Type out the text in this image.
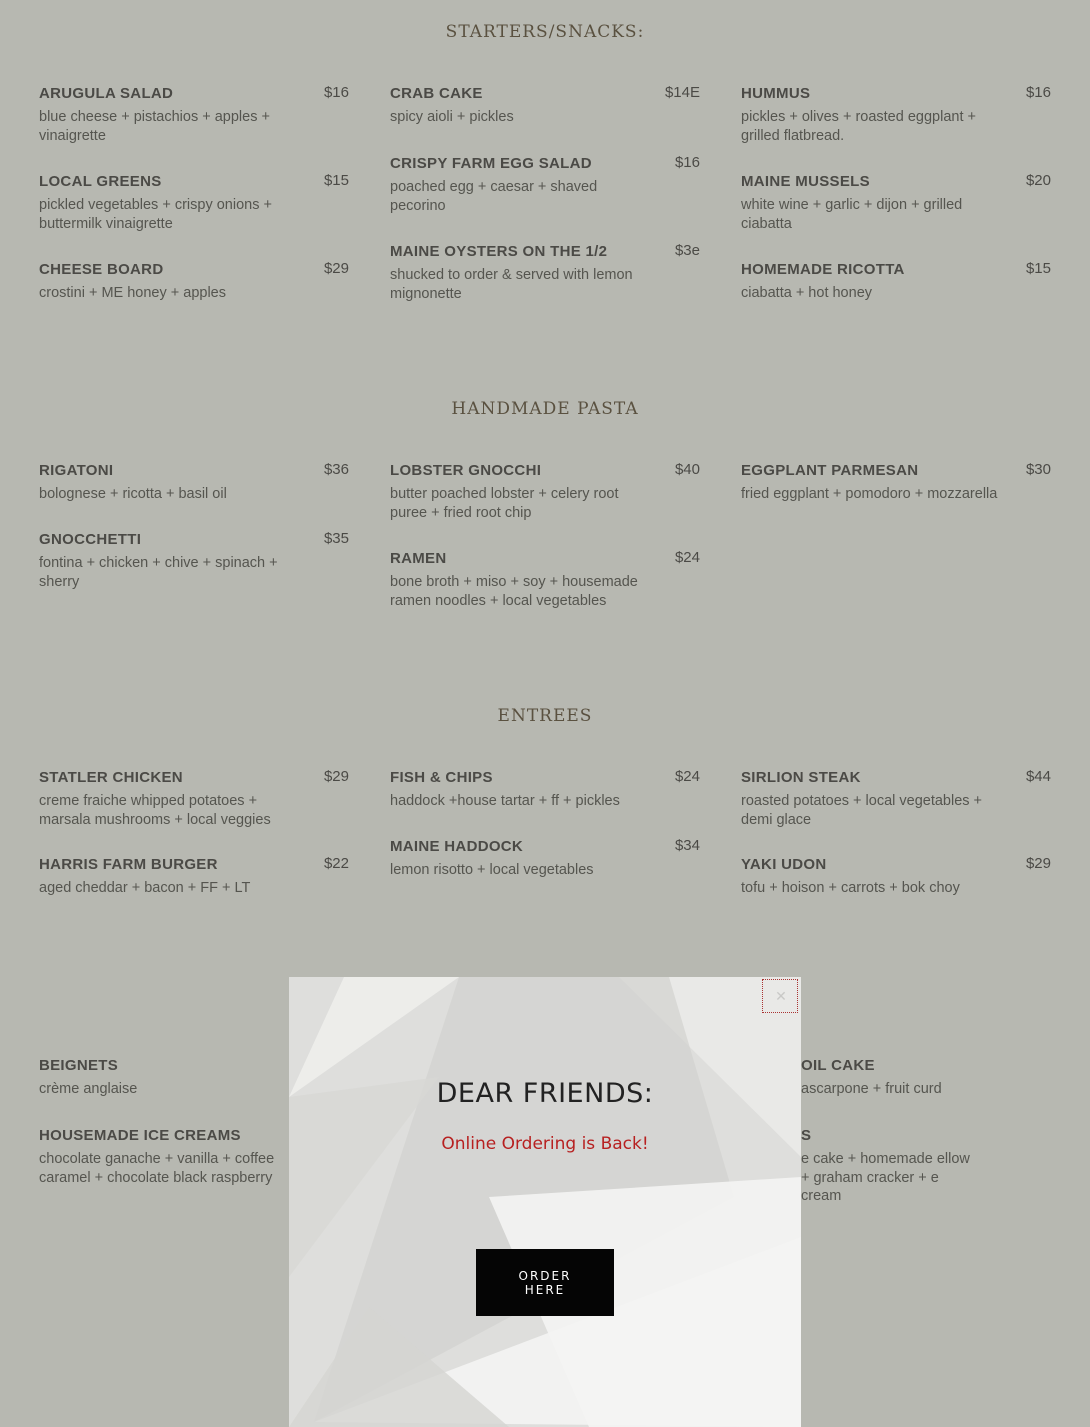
STARTERS/SNACKS:
ARUGULA SALAD	$16
blue cheese + pistachios + apples + vinaigrette
LOCAL GREENS	$15
pickled vegetables + crispy onions + buttermilk vinaigrette
CHEESE BOARD	$29
crostini + ME honey + apples
CRAB CAKE	$14E
spicy aioli + pickles
CRISPY FARM EGG SALAD	$16
poached egg + caesar + shaved pecorino
MAINE OYSTERS ON THE 1/2	$3e
shucked to order & served with lemon mignonette
HUMMUS	$16
pickles + olives + roasted eggplant + grilled flatbread.
MAINE MUSSELS	$20
white wine + garlic + dijon + grilled ciabatta
HOMEMADE RICOTTA	$15
ciabatta + hot honey
HANDMADE PASTA
RIGATONI	$36
bolognese + ricotta + basil oil
GNOCCHETTI	$35
fontina + chicken + chive + spinach + sherry
LOBSTER GNOCCHI	$40
butter poached lobster + celery root puree + fried root chip
RAMEN	$24
bone broth + miso + soy + housemade ramen noodles + local vegetables
EGGPLANT PARMESAN	$30
fried eggplant + pomodoro + mozzarella
ENTREES
STATLER CHICKEN	$29
creme fraiche whipped potatoes + marsala mushrooms + local veggies
HARRIS FARM BURGER	$22
aged cheddar + bacon + FF + LT
FISH & CHIPS	$24
haddock +house tartar + ff + pickles
MAINE HADDOCK	$34
lemon risotto + local vegetables
SIRLION STEAK	$44
roasted potatoes + local vegetables + demi glace
YAKI UDON	$29
tofu + hoison + carrots + bok choy
BEIGNETS
crème anglaise
HOUSEMADE ICE CREAMS
chocolate ganache + vanilla + coffee caramel + chocolate black raspberry
OIL CAKE
ascarpone + fruit curd
S
e cake + homemade ellow + graham cracker + e cream
✕
DEAR FRIENDS:
Online Ordering is Back!
ORDER HERE
